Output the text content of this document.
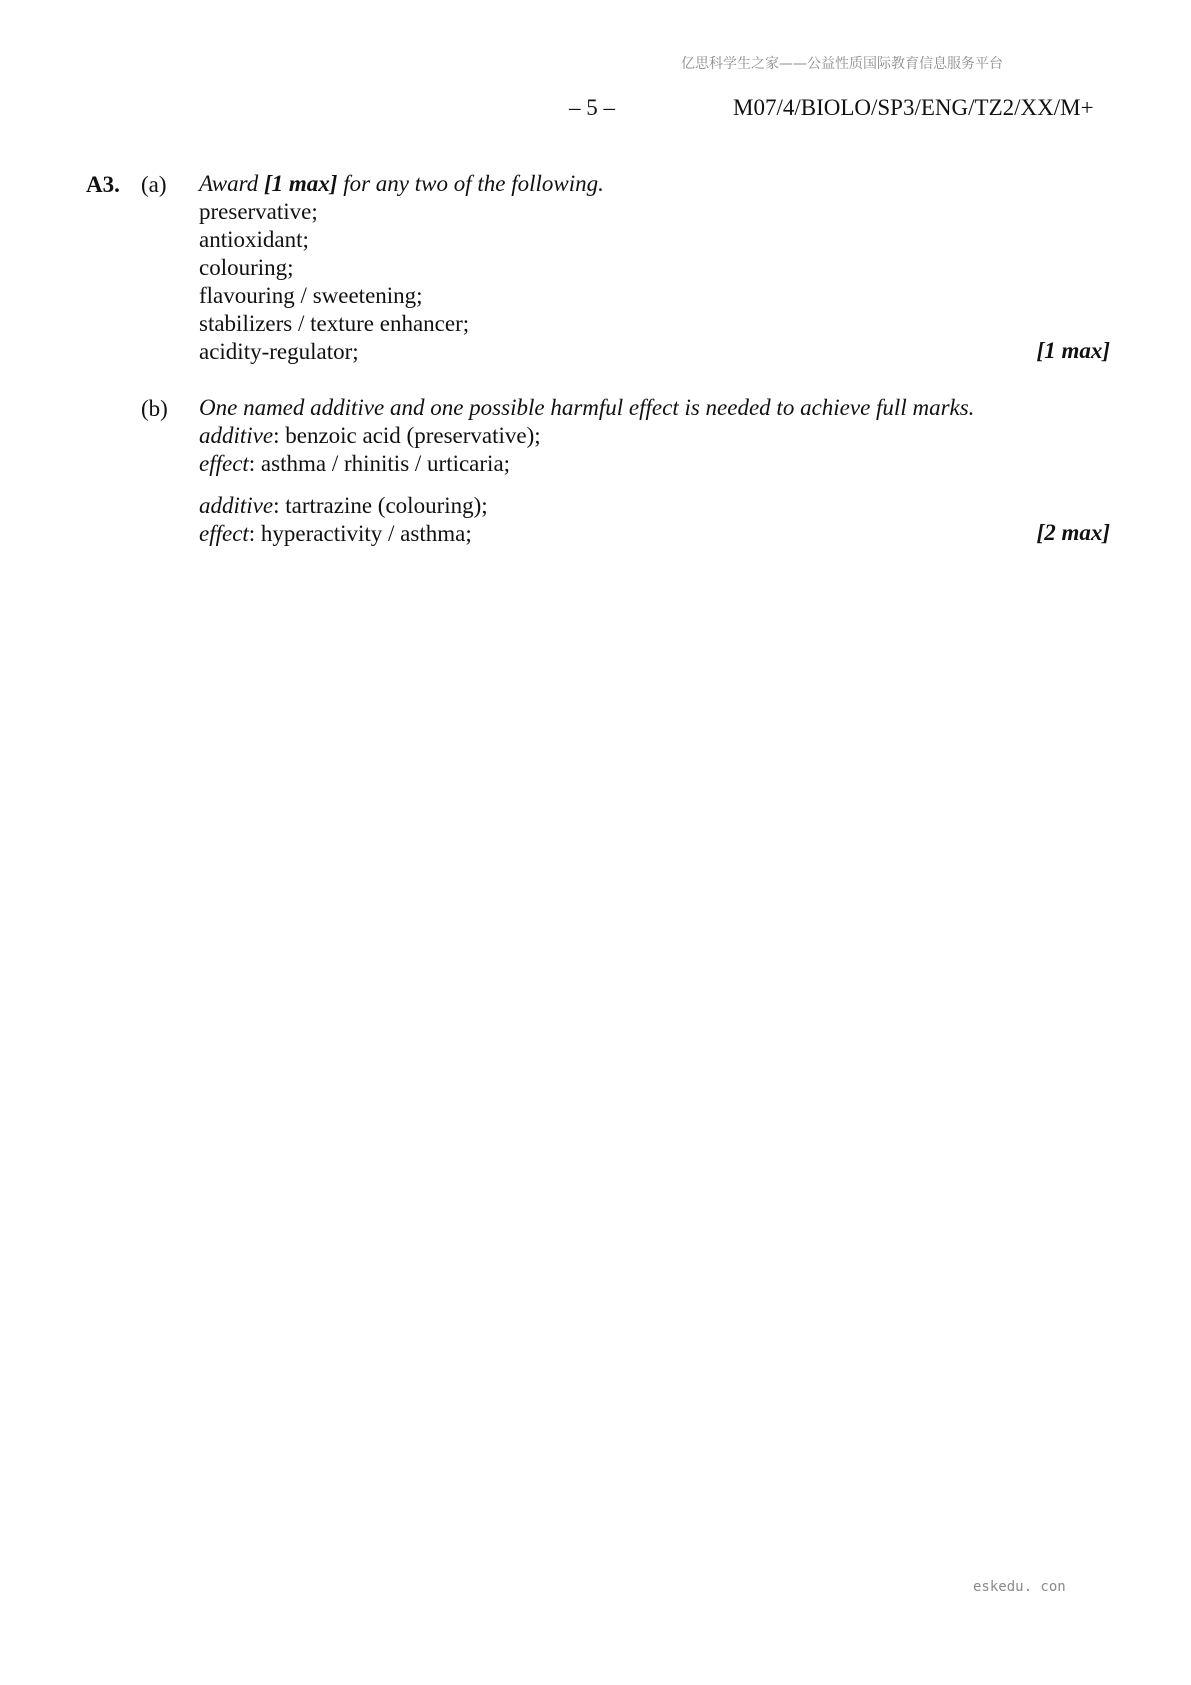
亿思科学生之家——公益性质国际教育信息服务平台
– 5 –	M07/4/BIOLO/SP3/ENG/TZ2/XX/M+
A3. (a) Award [1 max] for any two of the following.
preservative;
antioxidant;
colouring;
flavouring / sweetening;
stabilizers / texture enhancer;
acidity-regulator;	[1 max]
(b) One named additive and one possible harmful effect is needed to achieve full marks.
additive: benzoic acid (preservative);
effect: asthma / rhinitis / urticaria;
additive: tartrazine (colouring);
effect: hyperactivity / asthma;	[2 max]
eskedu. con
